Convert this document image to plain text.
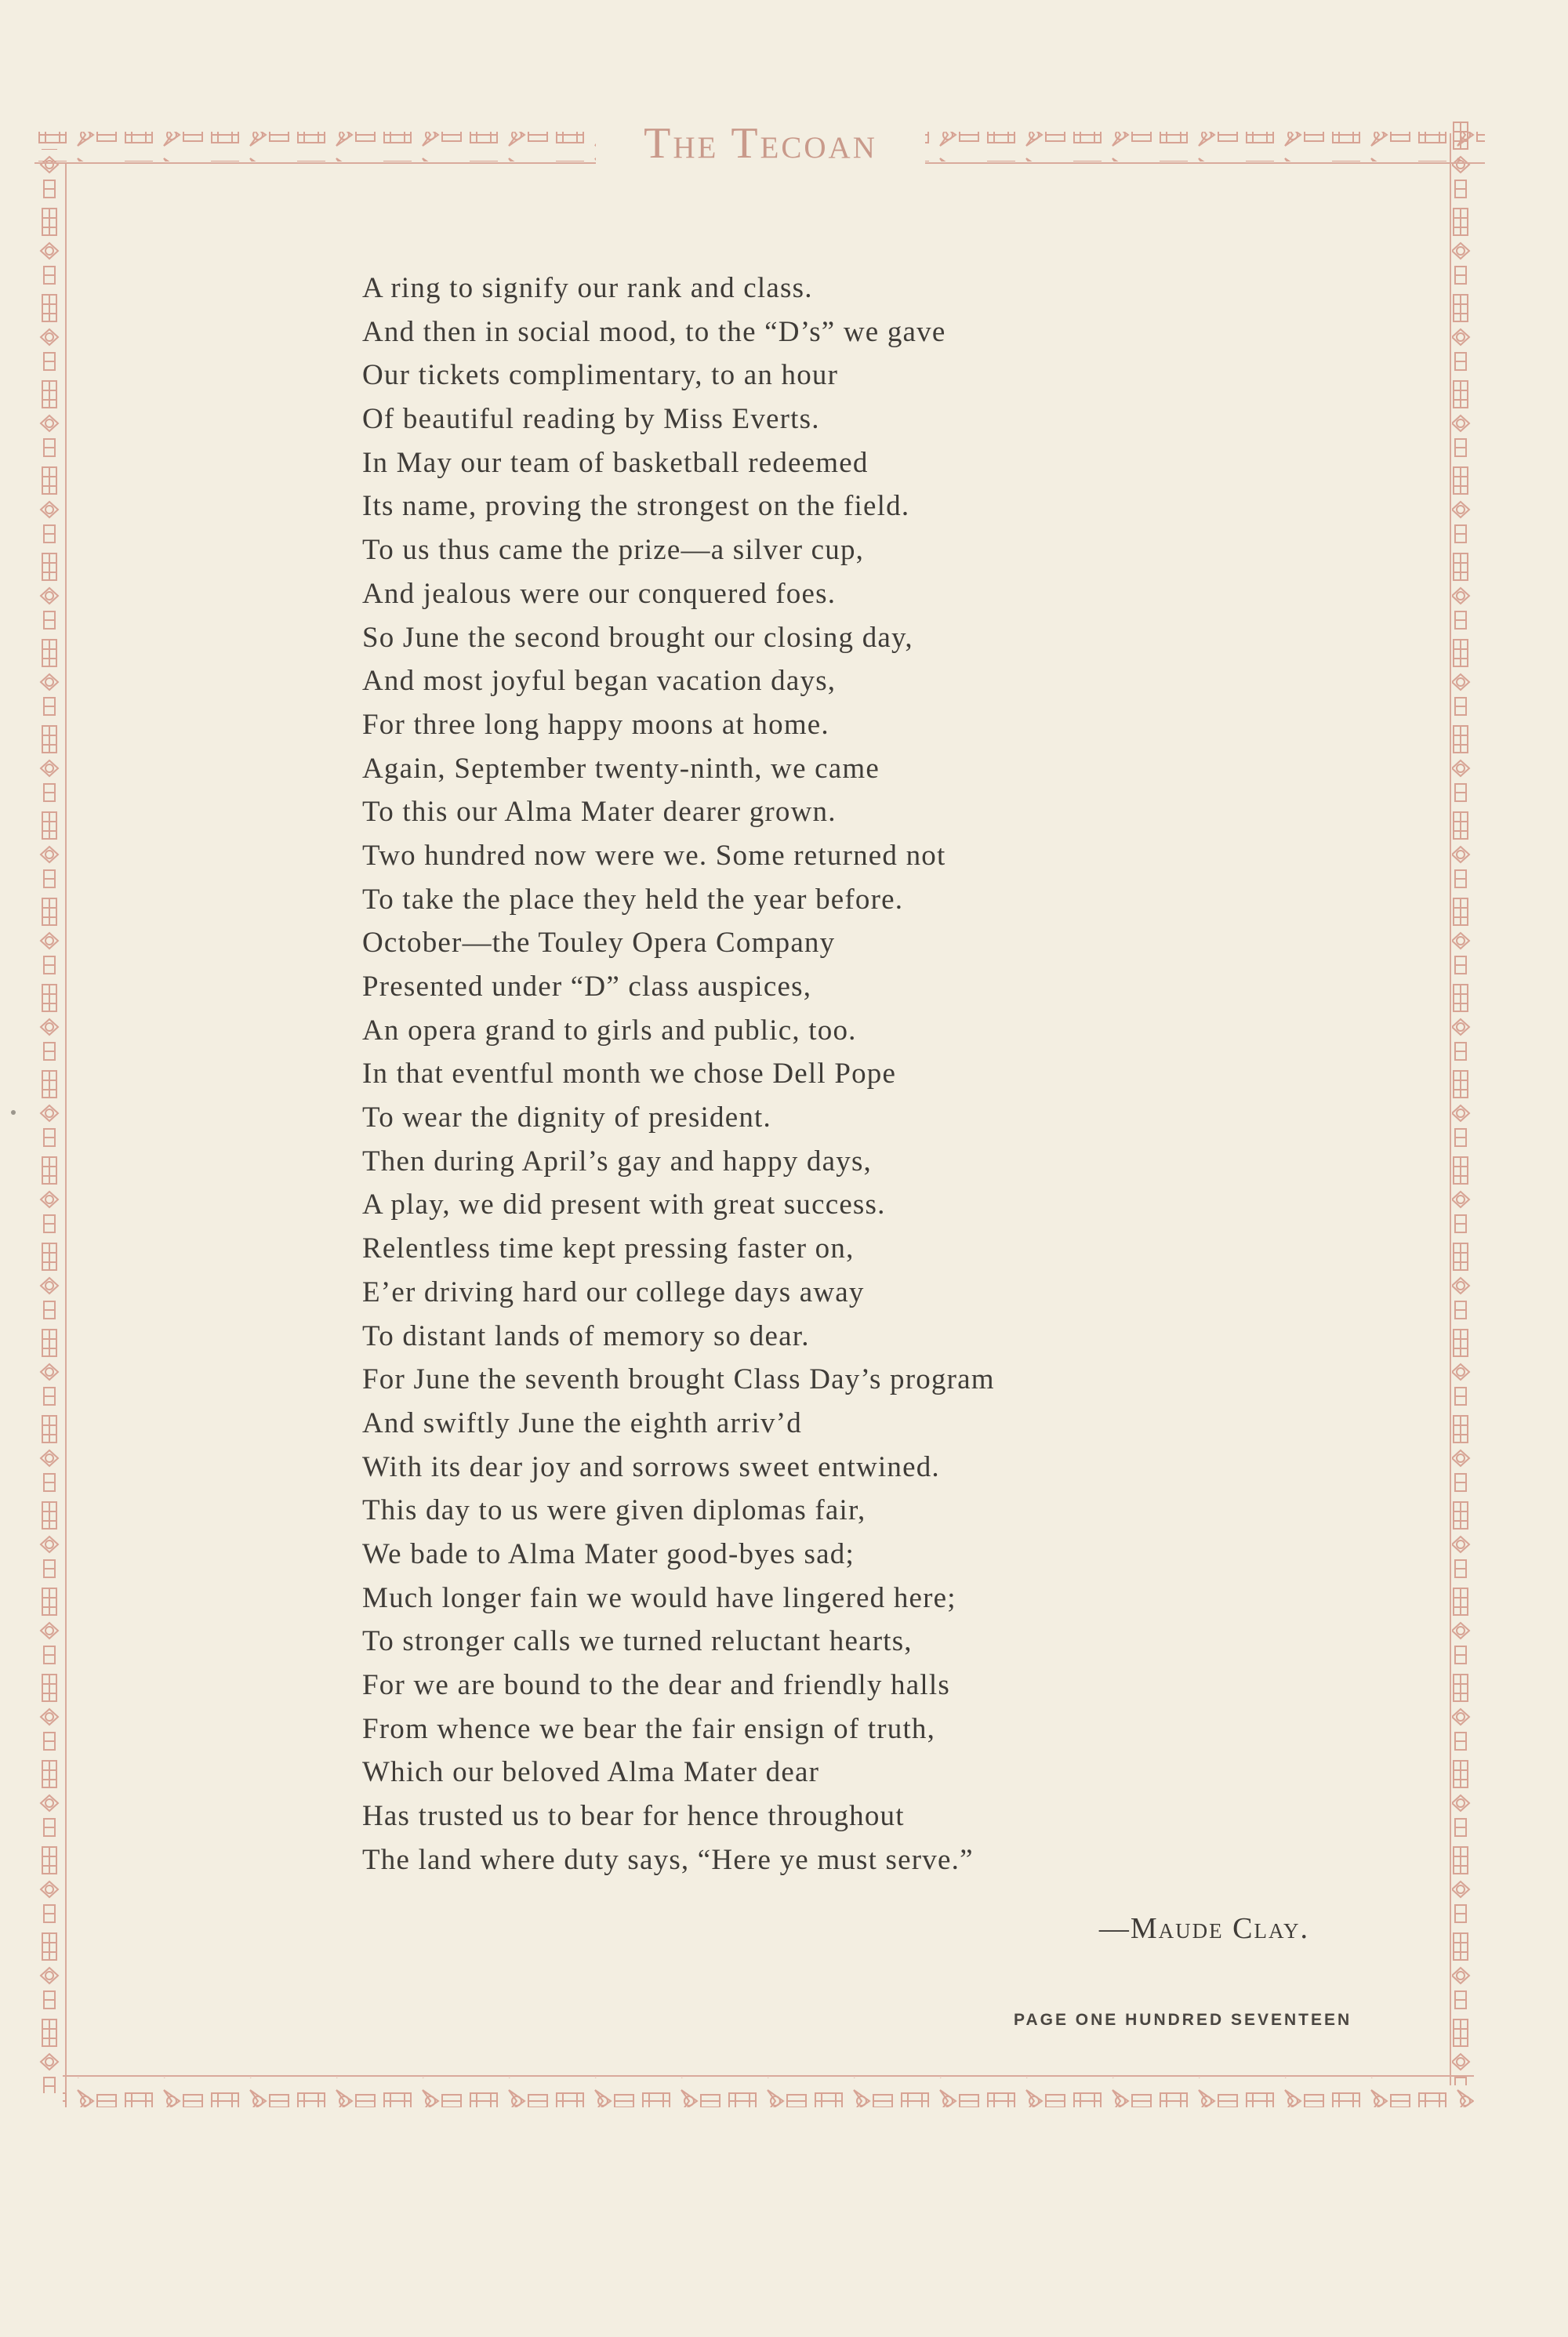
The Tecoan
A ring to signify our rank and class.
And then in social mood, to the “D’s” we gave
Our tickets complimentary, to an hour
Of beautiful reading by Miss Everts.
In May our team of basketball redeemed
Its name, proving the strongest on the field.
To us thus came the prize—a silver cup,
And jealous were our conquered foes.
So June the second brought our closing day,
And most joyful began vacation days,
For three long happy moons at home.
Again, September twenty-ninth, we came
To this our Alma Mater dearer grown.
Two hundred now were we. Some returned not
To take the place they held the year before.
October—the Touley Opera Company
Presented under “D” class auspices,
An opera grand to girls and public, too.
In that eventful month we chose Dell Pope
To wear the dignity of president.
Then during April’s gay and happy days,
A play, we did present with great success.
Relentless time kept pressing faster on,
E’er driving hard our college days away
To distant lands of memory so dear.
For June the seventh brought Class Day’s program
And swiftly June the eighth arriv’d
With its dear joy and sorrows sweet entwined.
This day to us were given diplomas fair,
We bade to Alma Mater good-byes sad;
Much longer fain we would have lingered here;
To stronger calls we turned reluctant hearts,
For we are bound to the dear and friendly halls
From whence we bear the fair ensign of truth,
Which our beloved Alma Mater dear
Has trusted us to bear for hence throughout
The land where duty says, “Here ye must serve.”
—Maude Clay.
PAGE ONE HUNDRED SEVENTEEN
